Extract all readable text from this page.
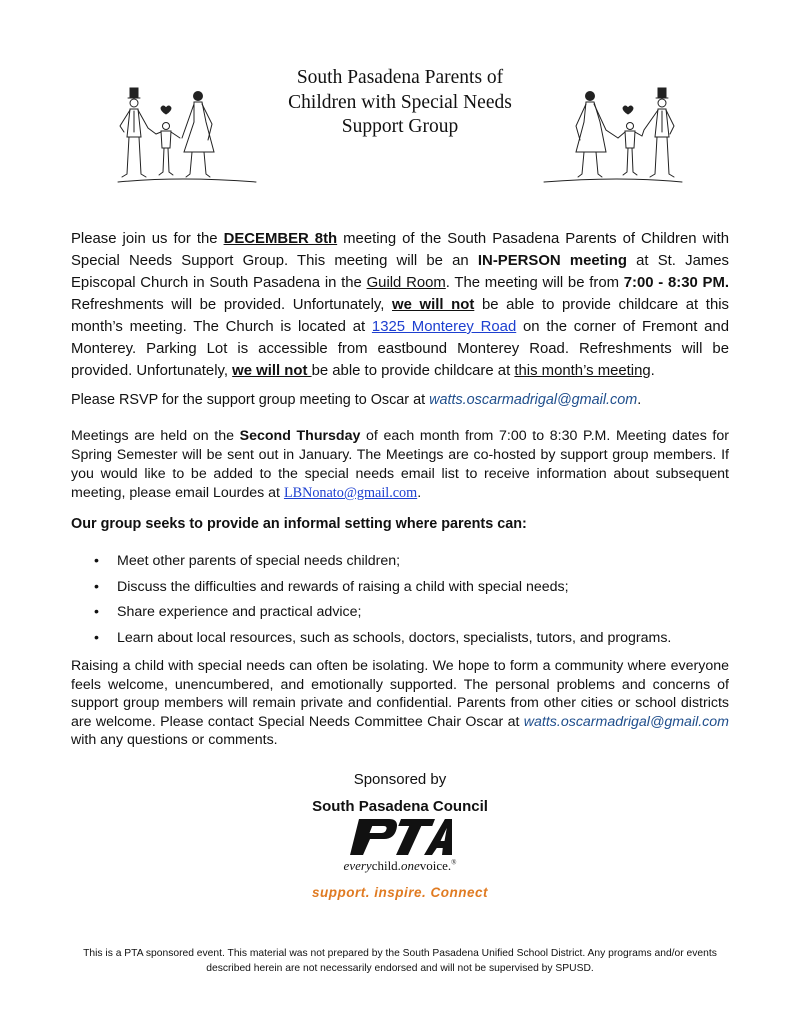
South Pasadena Parents of
Children with Special Needs
Support Group

Please join us for the DECEMBER 8th meeting of the South Pasadena Parents of Children with Special Needs Support Group. This meeting will be an IN-PERSON meeting at St. James Episcopal Church in South Pasadena in the Guild Room. The meeting will be from 7:00 - 8:30 PM. Refreshments will be provided. Unfortunately, we will not be able to provide childcare at this month’s meeting. The Church is located at 1325 Monterey Road on the corner of Fremont and Monterey. Parking Lot is accessible from eastbound Monterey Road. Refreshments will be provided. Unfortunately, we will not be able to provide childcare at this month’s meeting.

Please RSVP for the support group meeting to Oscar at watts.oscarmadrigal@gmail.com.

Meetings are held on the Second Thursday of each month from 7:00 to 8:30 P.M. Meeting dates for Spring Semester will be sent out in January. The Meetings are co-hosted by support group members. If you would like to be added to the special needs email list to receive information about subsequent meeting, please email Lourdes at LBNonato@gmail.com.

Our group seeks to provide an informal setting where parents can:

• Meet other parents of special needs children;
• Discuss the difficulties and rewards of raising a child with special needs;
• Share experience and practical advice;
• Learn about local resources, such as schools, doctors, specialists, tutors, and programs.

Raising a child with special needs can often be isolating. We hope to form a community where everyone feels welcome, unencumbered, and emotionally supported. The personal problems and concerns of support group members will remain private and confidential. Parents from other cities or school districts are welcome. Please contact Special Needs Committee Chair Oscar at watts.oscarmadrigal@gmail.com with any questions or comments.

Sponsored by

South Pasadena Council

®

everychild.onevoice.®

support. inspire. Connect

This is a PTA sponsored event. This material was not prepared by the South Pasadena Unified School District. Any programs and/or events described herein are not necessarily endorsed and will not be supervised by SPUSD.
